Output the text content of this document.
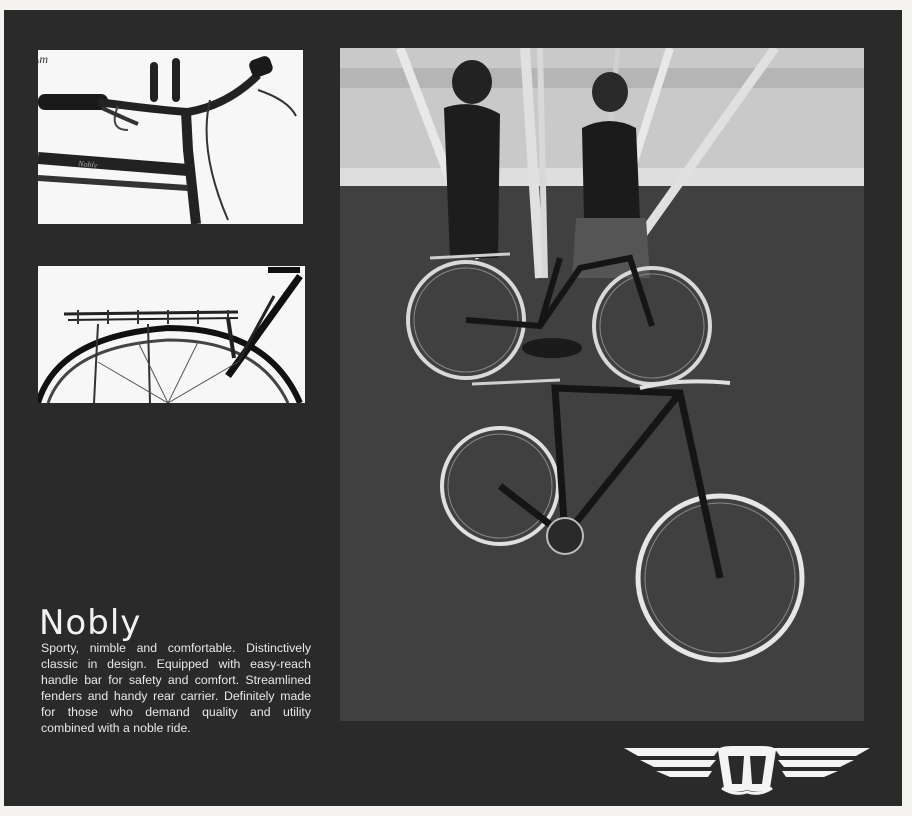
Nobly
\m
Nobly

Sporty, nimble and comfortable. Distinctively classic in design. Equipped with easy-reach handle bar for safety and comfort. Streamlined fenders and handy rear carrier. Definitely made for those who demand quality and utility combined with a noble ride.
